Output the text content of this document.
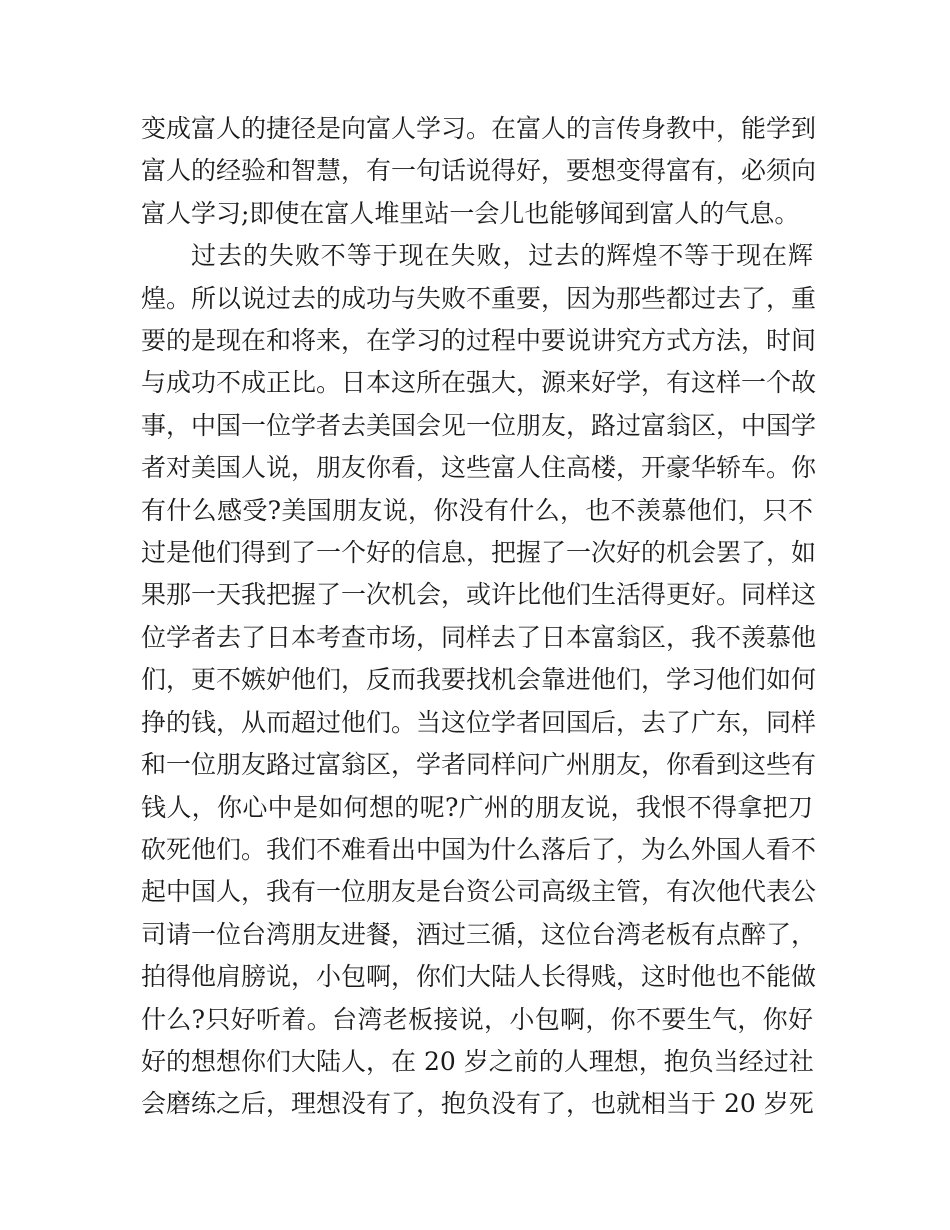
变成富人的捷径是向富人学习。在富人的言传身教中，能学到
富人的经验和智慧，有一句话说得好，要想变得富有，必须向
富人学习;即使在富人堆里站一会儿也能够闻到富人的气息。
过去的失败不等于现在失败，过去的辉煌不等于现在辉
煌。所以说过去的成功与失败不重要，因为那些都过去了，重
要的是现在和将来，在学习的过程中要说讲究方式方法，时间
与成功不成正比。日本这所在强大，源来好学，有这样一个故
事，中国一位学者去美国会见一位朋友，路过富翁区，中国学
者对美国人说，朋友你看，这些富人住高楼，开豪华轿车。你
有什么感受?美国朋友说，你没有什么，也不羡慕他们，只不
过是他们得到了一个好的信息，把握了一次好的机会罢了，如
果那一天我把握了一次机会，或许比他们生活得更好。同样这
位学者去了日本考查市场，同样去了日本富翁区，我不羡慕他
们，更不嫉妒他们，反而我要找机会靠进他们，学习他们如何
挣的钱，从而超过他们。当这位学者回国后，去了广东，同样
和一位朋友路过富翁区，学者同样问广州朋友，你看到这些有
钱人，你心中是如何想的呢?广州的朋友说，我恨不得拿把刀
砍死他们。我们不难看出中国为什么落后了，为么外国人看不
起中国人，我有一位朋友是台资公司高级主管，有次他代表公
司请一位台湾朋友进餐，酒过三循，这位台湾老板有点醉了，
拍得他肩膀说，小包啊，你们大陆人长得贱，这时他也不能做
什么?只好听着。台湾老板接说，小包啊，你不要生气，你好
好的想想你们大陆人，在 20 岁之前的人理想，抱负当经过社
会磨练之后，理想没有了，抱负没有了，也就相当于 20 岁死
